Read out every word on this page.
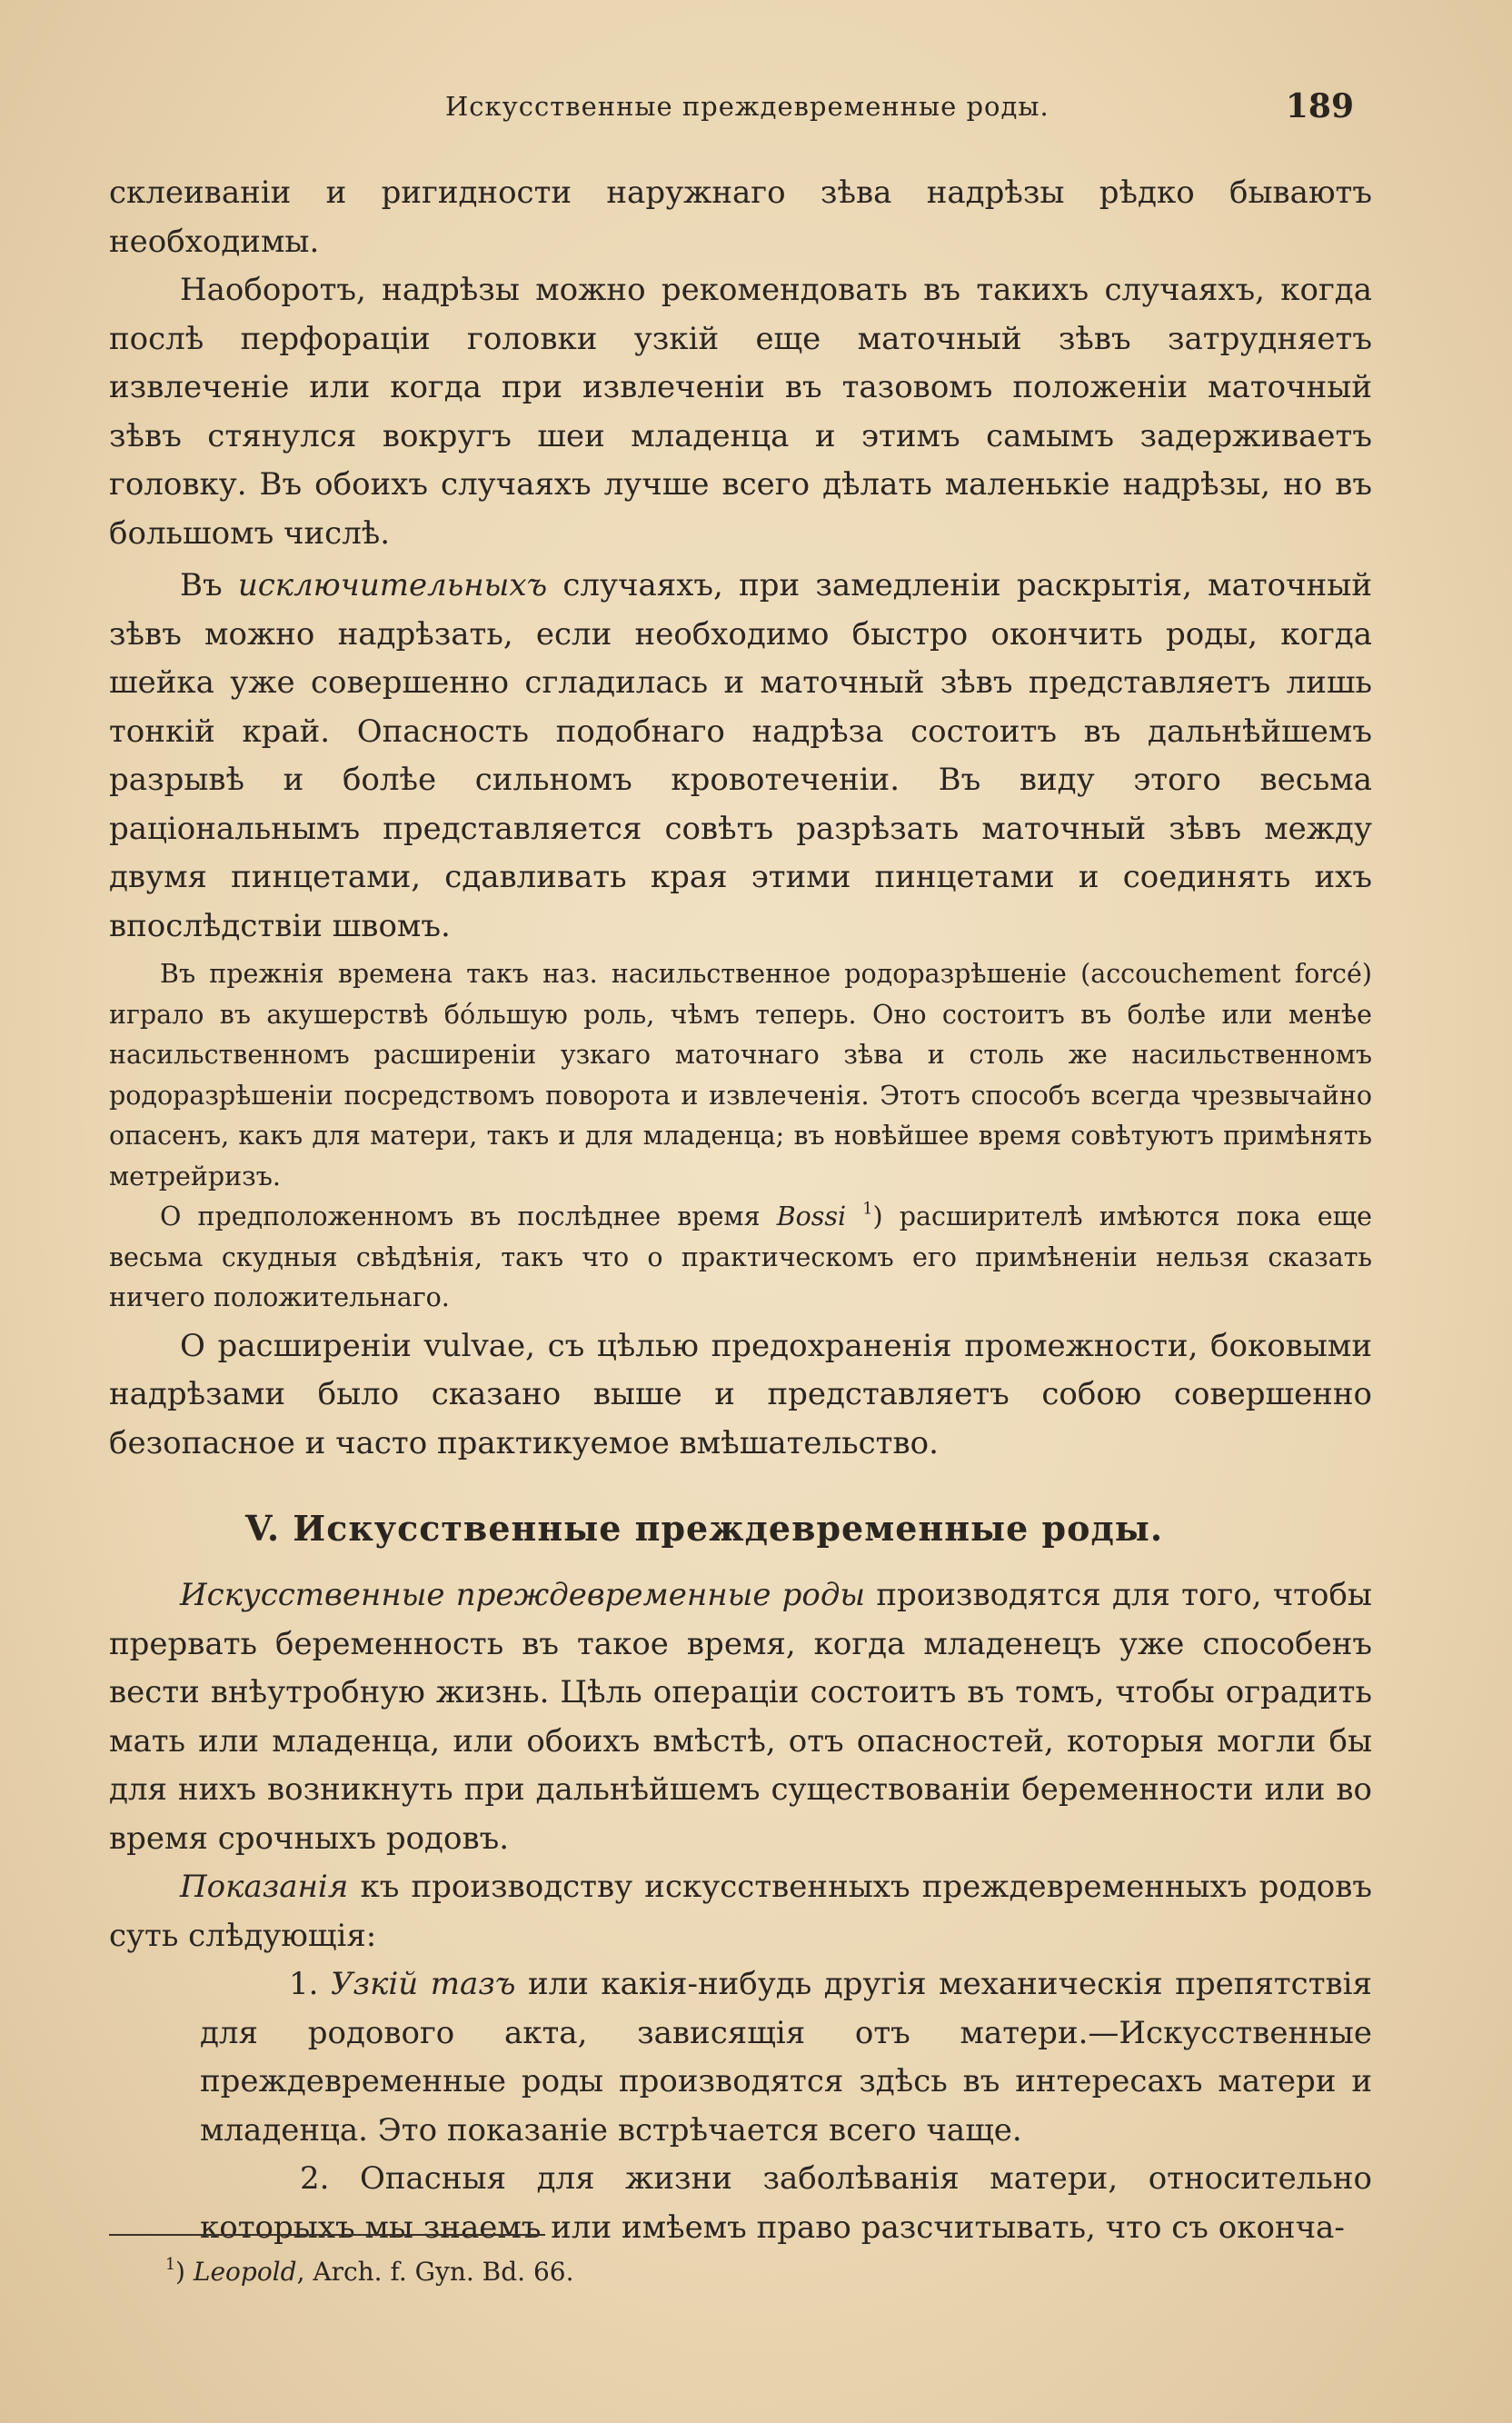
Искусственные преждевременные роды.	189

склеиваніи и ригидности наружнаго зѣва надрѣзы рѣдко бываютъ необходимы.

Наоборотъ, надрѣзы можно рекомендовать въ такихъ случаяхъ, когда послѣ перфораціи головки узкій еще маточный зѣвъ затрудняетъ извлеченіе или когда при извлеченіи въ тазовомъ положеніи маточный зѣвъ стянулся вокругъ шеи младенца и этимъ самымъ задерживаетъ головку. Въ обоихъ случаяхъ лучше всего дѣлать маленькіе надрѣзы, но въ большомъ числѣ.

Въ исключительныхъ случаяхъ, при замедленіи раскрытія, маточный зѣвъ можно надрѣзать, если необходимо быстро окончить роды, когда шейка уже совершенно сгладилась и маточный зѣвъ представляетъ лишь тонкій край. Опасность подобнаго надрѣза состоитъ въ дальнѣйшемъ разрывѣ и болѣе сильномъ кровотеченіи. Въ виду этого весьма раціональнымъ представляется совѣтъ разрѣзать маточный зѣвъ между двумя пинцетами, сдавливать края этими пинцетами и соединять ихъ впослѣдствіи швомъ.

Въ прежнія времена такъ наз. насильственное родоразрѣшеніе (accouchement forcé) играло въ акушерствѣ бóльшую роль, чѣмъ теперь. Оно состоитъ въ болѣе или менѣе насильственномъ расширеніи узкаго маточнаго зѣва и столь же насильственномъ родоразрѣшеніи посредствомъ поворота и извлеченія. Этотъ способъ всегда чрезвычайно опасенъ, какъ для матери, такъ и для младенца; въ новѣйшее время совѣтуютъ примѣнять метрейризъ.

О предположенномъ въ послѣднее время Bossi $^1$) расширителѣ имѣются пока еще весьма скудныя свѣдѣнія, такъ что о практическомъ его примѣненіи нельзя сказать ничего положительнаго.

О расширеніи vulvae, съ цѣлью предохраненія промежности, боковыми надрѣзами было сказано выше и представляетъ собою совершенно безопасное и часто практикуемое вмѣшательство.

V. Искусственные преждевременные роды.

Искусственные преждевременные роды производятся для того, чтобы прервать беременность въ такое время, когда младенецъ уже способенъ вести внѣутробную жизнь. Цѣль операціи состоитъ въ томъ, чтобы оградить мать или младенца, или обоихъ вмѣстѣ, отъ опасностей, которыя могли бы для нихъ возникнуть при дальнѣйшемъ существованіи беременности или во время срочныхъ родовъ.

Показанія къ производству искусственныхъ преждевременныхъ родовъ суть слѣдующія:

1. Узкій тазъ или какія-нибудь другія механическія препятствія для родового акта, зависящія отъ матери.—Искусственные преждевременные роды производятся здѣсь въ интересахъ матери и младенца. Это показаніе встрѣчается всего чаще.

2. Опасныя для жизни заболѣванія матери, относительно которыхъ мы знаемъ или имѣемъ право разсчитывать, что съ оконча-

$^1$) Leopold, Arch. f. Gyn. Bd. 66.
